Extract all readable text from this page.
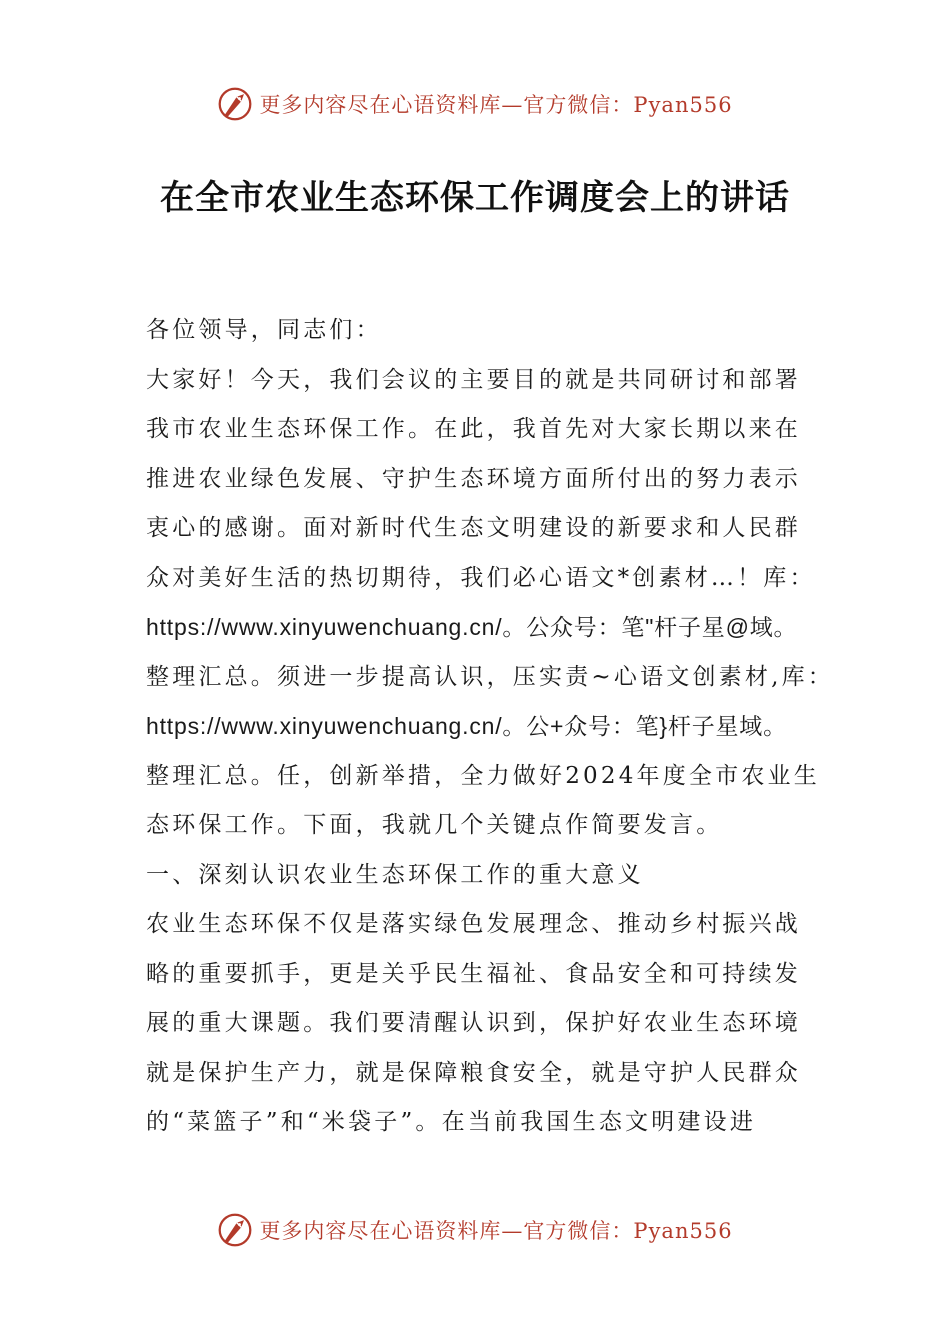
更多内容尽在心语资料库—官方微信：Pyan556
在全市农业生态环保工作调度会上的讲话
各位领导，同志们：
大家好！今天，我们会议的主要目的就是共同研讨和部署
我市农业生态环保工作。在此，我首先对大家长期以来在
推进农业绿色发展、守护生态环境方面所付出的努力表示
衷心的感谢。面对新时代生态文明建设的新要求和人民群
众对美好生活的热切期待，我们必心语文*创素材…！库：
https://www.xinyuwenchuang.cn/。公众号：笔"杆子星@域。
整理汇总。须进一步提高认识，压实责~心语文创素材,库：
https://www.xinyuwenchuang.cn/。公+众号：笔}杆子星域。
整理汇总。任，创新举措，全力做好2024年度全市农业生
态环保工作。下面，我就几个关键点作简要发言。
一、深刻认识农业生态环保工作的重大意义
农业生态环保不仅是落实绿色发展理念、推动乡村振兴战
略的重要抓手，更是关乎民生福祉、食品安全和可持续发
展的重大课题。我们要清醒认识到，保护好农业生态环境
就是保护生产力，就是保障粮食安全，就是守护人民群众
的“菜篮子”和“米袋子”。在当前我国生态文明建设进
更多内容尽在心语资料库—官方微信：Pyan556
